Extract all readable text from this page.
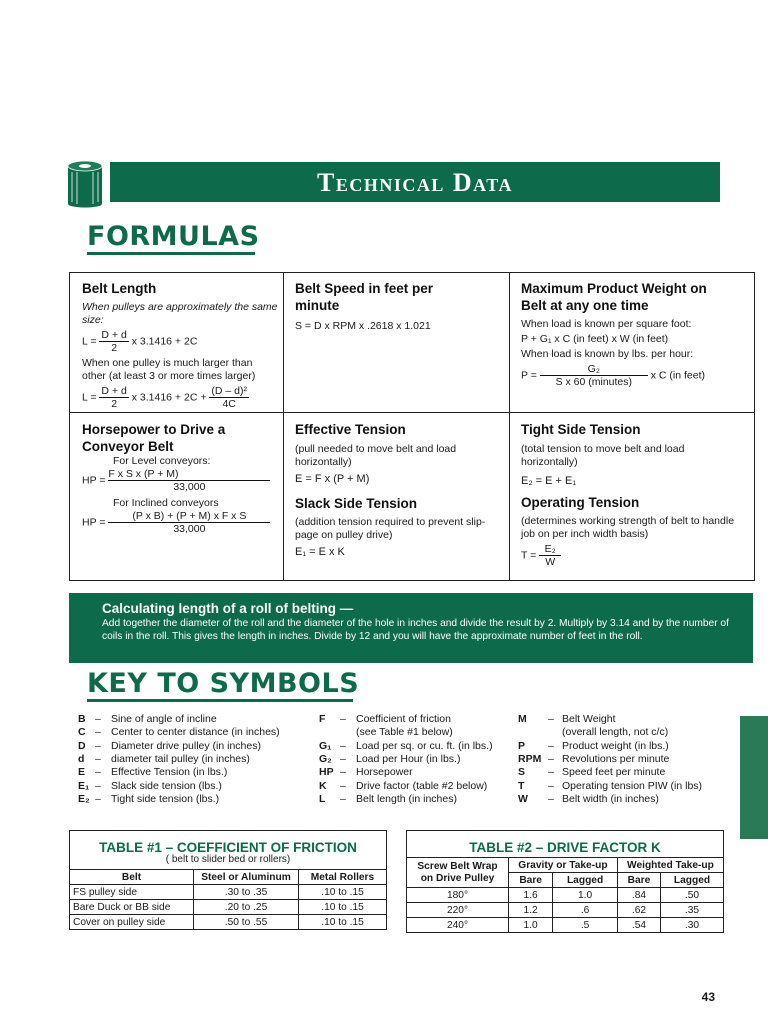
Technical Data
FORMULAS
Belt Length
When pulleys are approximately the same size:
$L = \frac{D + d}{2}$ x 3.1416 + 2C
When one pulley is much larger than other (at least 3 or more times larger)
$L = \frac{D + d}{2}$ x $3.1416 + 2C + \frac{\text{(D – d)²}}{4C}$
Belt Speed in feet per minute
S = D x RPM x .2618 x 1.021
Maximum Product Weight on Belt at any one time
When load is known per square foot:
P + G₁ x C (in feet) x W (in feet)
When load is known by lbs. per hour:
$P = \frac{\text{G₂}}{\text{S x 60 (minutes)}}$ x C (in feet)
Horsepower to Drive a Conveyor Belt
For Level conveyors:
HP = $\frac{\text{F x S x (P + M)}}{33,000}$
For Inclined conveyors
HP = $\frac{\text{(P x B) + (P + M) x F x S}}{33,000}$
Effective Tension
(pull needed to move belt and load horizontally)
E = F x (P + M)
Slack Side Tension
(addition tension required to prevent slip-page on pulley drive)
E₁ = E x K
Tight Side Tension
(total tension to move belt and load horizontally)
E₂ = E + E₁
Operating Tension
(determines working strength of belt to handle job on per inch width basis)
$T = \frac{\text{E₂}}{W}$
Calculating length of a roll of belting —

Add together the diameter of the roll and the diameter of the hole in inches and divide the result by 2. Multiply by 3.14 and by the number of coils in the roll. This gives the length in inches. Divide by 12 and you will have the approximate number of feet in the roll.

KEY TO SYMBOLS
B – Sine of angle of incline
C – Center to center distance (in inches)
D – Diameter drive pulley (in inches)
d – diameter tail pulley (in inches)
E – Effective Tension (in lbs.)
E₁ – Slack side tension (lbs.)
E₂ – Tight side tension (lbs.)
F – Coefficient of friction
(see Table #1 below)
G₁ – Load per sq. or cu. ft. (in lbs.)
G₂ – Load per Hour (in lbs.)
HP – Horsepower
K – Drive factor (table #2 below)
L – Belt length (in inches)
M – Belt Weight
(overall length, not c/c)
P – Product weight (in lbs.)
RPM – Revolutions per minute
S – Speed feet per minute
T – Operating tension PIW (in lbs)
W – Belt width (in inches)
TABLE #1 – COEFFICIENT OF FRICTION
( belt to slider bed or rollers)
Belt	Steel or Aluminum	Metal Rollers
FS pulley side	.30 to .35	.10 to .15
Bare Duck or BB side	.20 to .25	.10 to .15
Cover on pulley side	.50 to .55	.10 to .15
TABLE #2 – DRIVE FACTOR K
Screw Belt Wrap on Drive Pulley	Gravity or Take-up		Weighted Take-up	
	Bare	Lagged	Bare	Lagged
180°	1.6	1.0	.84	.50
220°	1.2	.6	.62	.35
240°	1.0	.5	.54	.30
43
